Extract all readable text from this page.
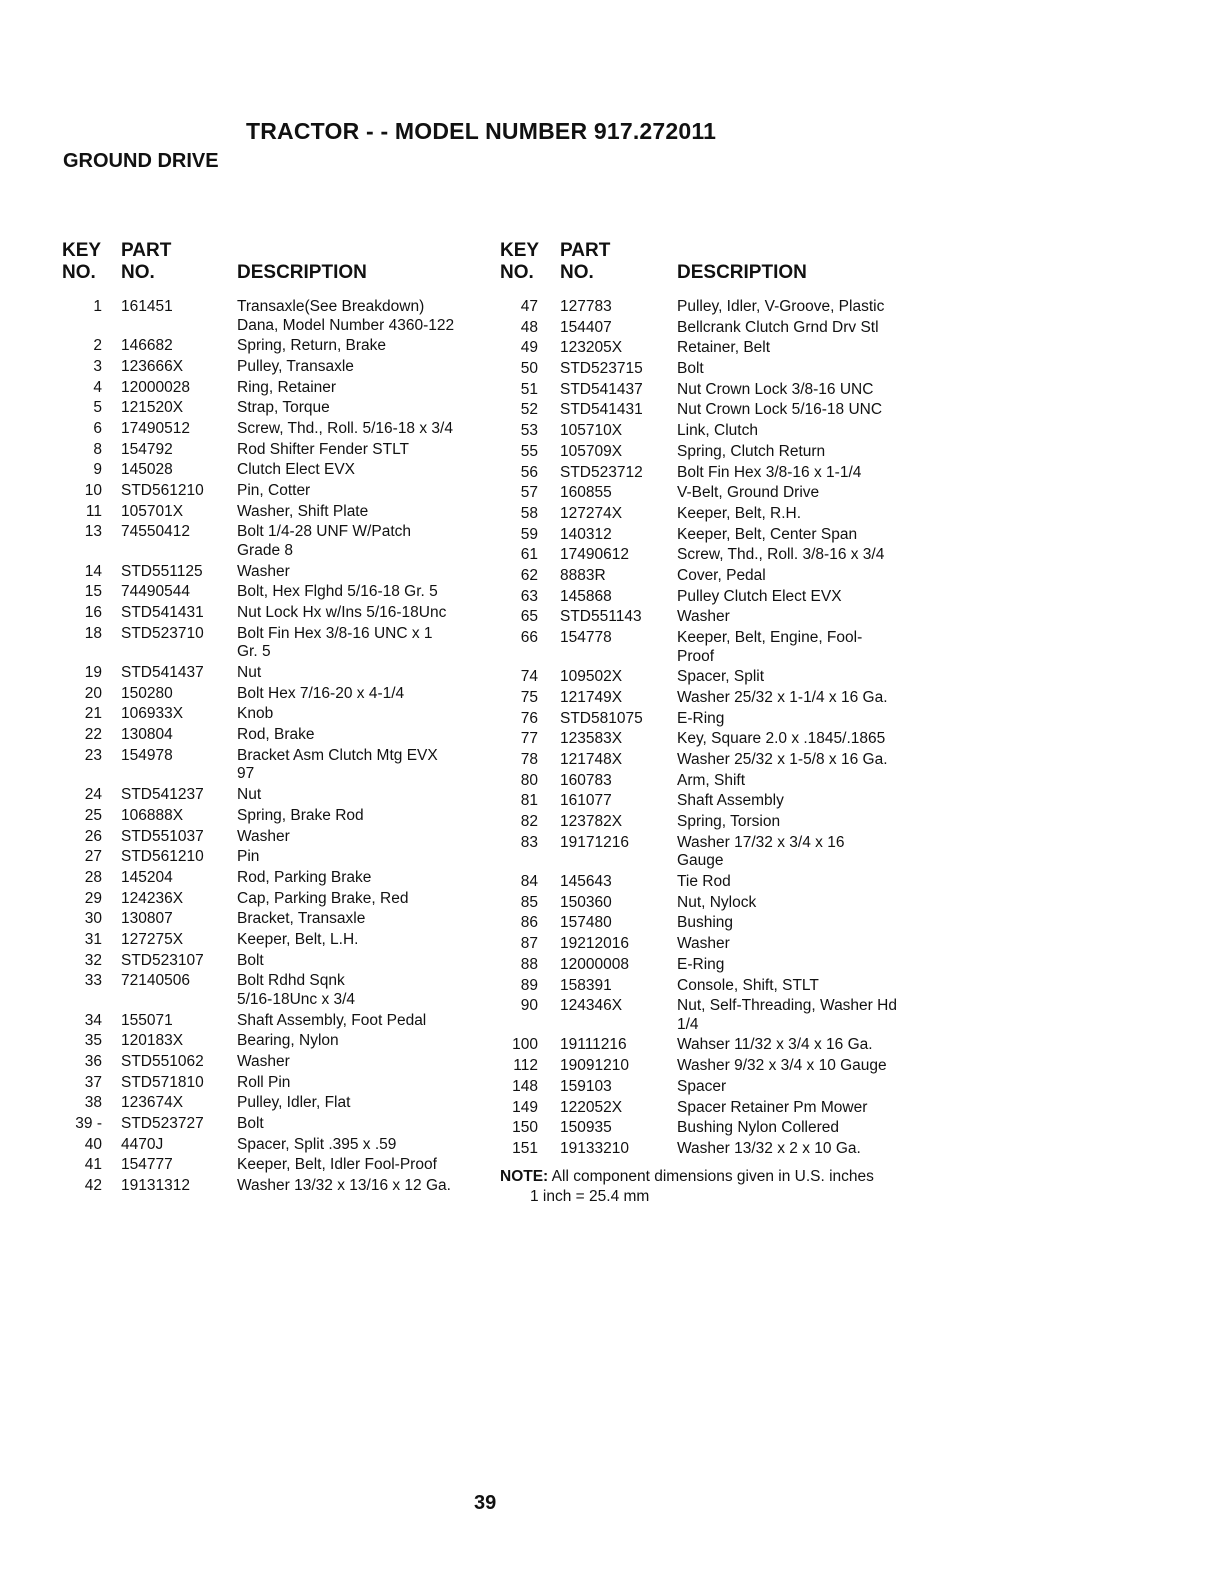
TRACTOR - - MODEL NUMBER 917.272011
GROUND DRIVE
KEY
NO.
PART
NO.	DESCRIPTION
1 161451	Transaxle(See Breakdown)
Dana, Model Number 4360-122
2 146682	Spring, Return, Brake
3 123666X	Pulley, Transaxle
4 12000028	Ring, Retainer
5 121520X	Strap, Torque
6 17490512	Screw, Thd., Roll. 5/16-18 x 3/4
8 154792	Rod Shifter Fender STLT
9 145028	Clutch Elect EVX
10 STD561210 Pin, Cotter
11 105701X	Washer, Shift Plate
13 74550412	Bolt 1/4-28 UNF W/Patch
Grade 8
14 STD551125 Washer
15 74490544	Bolt, Hex Flghd 5/16-18 Gr. 5
16 STD541431 Nut Lock Hx w/Ins 5/16-18Unc
18 STD523710 Bolt Fin Hex 3/8-16 UNC x 1
Gr. 5
19 STD541437 Nut
20 150280	Bolt Hex 7/16-20 x 4-1/4
21 106933X	Knob
22 130804	Rod, Brake
23 154978	Bracket Asm Clutch Mtg EVX
97
24 STD541237 Nut
25 106888X	Spring, Brake Rod
26 STD551037 Washer
27 STD561210 Pin
28 145204	Rod, Parking Brake
29 124236X	Cap, Parking Brake, Red
30 130807	Bracket, Transaxle
31 127275X	Keeper, Belt, L.H.
32 STD523107 Bolt
33 72140506	Bolt Rdhd Sqnk
5/16-18Unc x 3/4
34 155071	Shaft Assembly, Foot Pedal
35 120183X	Bearing, Nylon
36 STD551062 Washer
37 STD571810 Roll Pin
38 123674X	Pulley, Idler, Flat
39 - STD523727 Bolt
40 4470J	Spacer, Split .395 x .59
41 154777	Keeper, Belt, Idler Fool-Proof
42 19131312	Washer 13/32 x 13/16 x 12 Ga.
KEY
NO.
PART
NO.	DESCRIPTION
47 127783	Pulley, Idler, V-Groove, Plastic
48 154407	Bellcrank Clutch Grnd Drv Stl
49 123205X	Retainer, Belt
50 STD523715 Bolt
51 STD541437 Nut Crown Lock 3/8-16 UNC
52 STD541431 Nut Crown Lock 5/16-18 UNC
53 105710X	Link, Clutch
55 105709X	Spring, Clutch Return
56 STD523712 Bolt Fin Hex 3/8-16 x 1-1/4
57 160855	V-Belt, Ground Drive
58 127274X	Keeper, Belt, R.H.
59 140312	Keeper, Belt, Center Span
61 17490612	Screw, Thd., Roll. 3/8-16 x 3/4
62 8883R	Cover, Pedal
63 145868	Pulley Clutch Elect EVX
65 STD551143 Washer
66 154778	Keeper, Belt, Engine, Fool-
Proof
74 109502X	Spacer, Split
75 121749X	Washer 25/32 x 1-1/4 x 16 Ga.
76 STD581075 E-Ring
77 123583X	Key, Square 2.0 x .1845/.1865
78 121748X	Washer 25/32 x 1-5/8 x 16 Ga.
80 160783	Arm, Shift
81 161077	Shaft Assembly
82 123782X	Spring, Torsion
83 19171216	Washer 17/32 x 3/4 x 16
Gauge
84 145643	Tie Rod
85 150360	Nut, Nylock
86 157480	Bushing
87 19212016	Washer
88 12000008	E-Ring
89 158391	Console, Shift, STLT
90 124346X	Nut, Self-Threading, Washer Hd
1/4
100 19111216	Wahser 11/32 x 3/4 x 16 Ga.
112 19091210	Washer 9/32 x 3/4 x 10 Gauge
148 159103	Spacer
149 122052X	Spacer Retainer Pm Mower
150 150935	Bushing Nylon Collered
151 19133210	Washer 13/32 x 2 x 10 Ga.
NOTE: All component dimensions given in U.S. inches
1 inch = 25.4 mm
39
